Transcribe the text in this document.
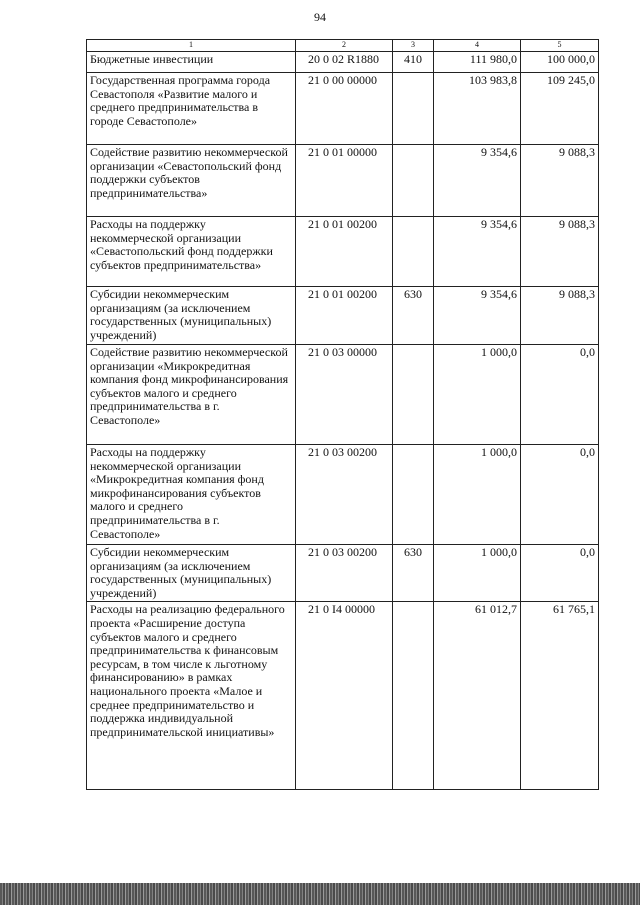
94
1	2	3	4	5
Бюджетные инвестиции	20 0 02 R1880	410	111 980,0	100 000,0
Государственная программа города Севастополя «Развитие малого и среднего предпринимательства в городе Севастополе»	21 0 00 00000		103 983,8	109 245,0
Содействие развитию некоммерческой организации «Севастопольский фонд поддержки субъектов предпринимательства»	21 0 01 00000		9 354,6	9 088,3
Расходы на поддержку некоммерческой организации «Севастопольский фонд поддержки субъектов предпринимательства»	21 0 01 00200		9 354,6	9 088,3
Субсидии некоммерческим организациям (за исключением государственных (муниципальных) учреждений)	21 0 01 00200	630	9 354,6	9 088,3
Содействие развитию некоммерческой организации «Микрокредитная компания фонд микрофинансирования субъектов малого и среднего предпринимательства в г. Севастополе»	21 0 03 00000		1 000,0	0,0
Расходы на поддержку некоммерческой организации «Микрокредитная компания фонд микрофинансирования субъектов малого и среднего предпринимательства в г. Севастополе»	21 0 03 00200		1 000,0	0,0
Субсидии некоммерческим организациям (за исключением государственных (муниципальных) учреждений)	21 0 03 00200	630	1 000,0	0,0
Расходы на реализацию федерального проекта «Расширение доступа субъектов малого и среднего предпринимательства к финансовым ресурсам, в том числе к льготному финансированию» в рамках национального проекта «Малое и среднее предпринимательство и поддержка индивидуальной предпринимательской инициативы»	21 0 I4 00000		61 012,7	61 765,1
